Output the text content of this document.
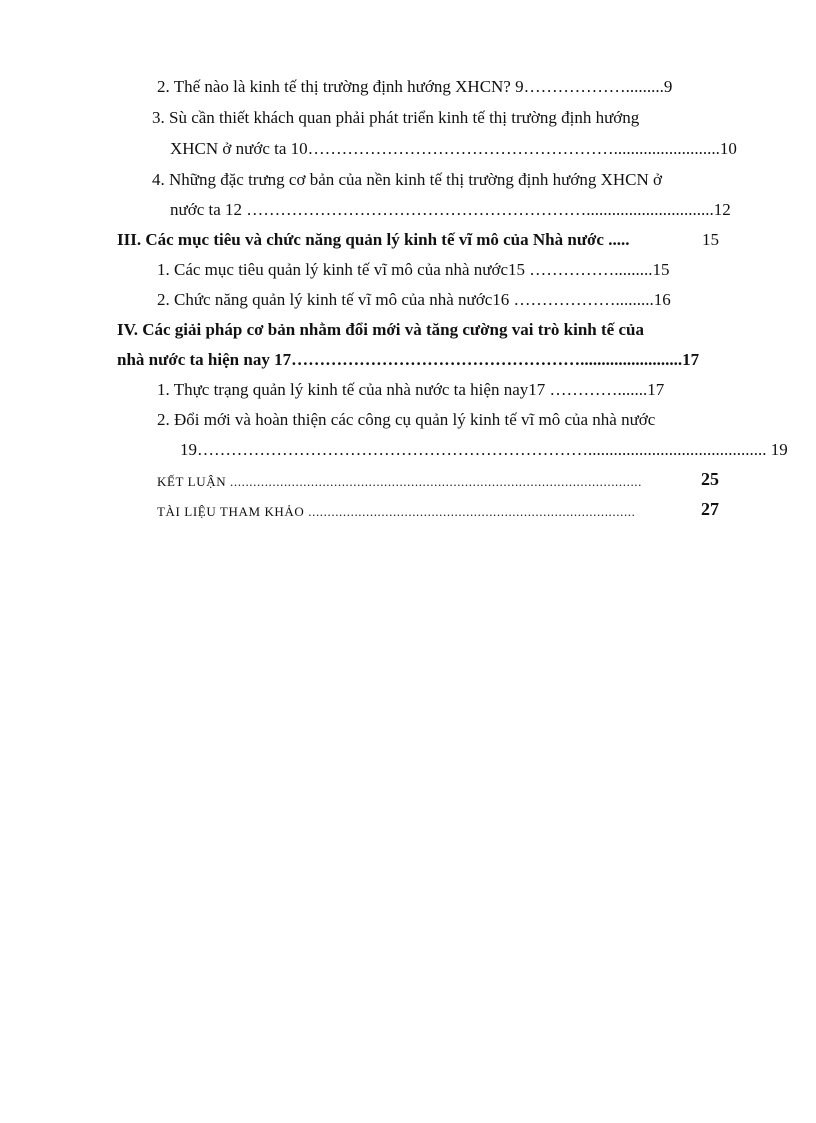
2. Thế nào là kinh tế thị trường định hướng XHCN? 9……………….........9

3. Sù cần thiết khách quan phải phát triển kinh tế thị trường định hướng

XHCN ở nước ta 10……………………………………………….........................10

4. Những đặc trưng cơ bản của nền kinh tế thị trường định hướng XHCN ở

nước ta 12 ……………………………………………………..............................12

III. Các mục tiêu và chức năng quản lý kinh tế vĩ mô của Nhà nước .....	15

1. Các mục tiêu quản lý kinh tế vĩ mô của nhà nước15 …………….........15

2. Chức năng quản lý kinh tế vĩ mô của nhà nước16 ……………….........16

IV. Các giải pháp cơ bản nhằm đổi mới và tăng cường vai trò kinh tế của

nhà nước ta hiện nay 17……………………………………………........................17

1. Thực trạng quản lý kinh tế của nhà nước ta hiện nay17 ………….......17

2. Đổi mới và hoàn thiện các công cụ quản lý kinh tế vĩ mô của nhà nước

19…………………………………………………………….......................................... 19

KẾT LUẬN ...........................................................................................................	25

TÀI LIỆU THAM KHẢO .....................................................................................	27
